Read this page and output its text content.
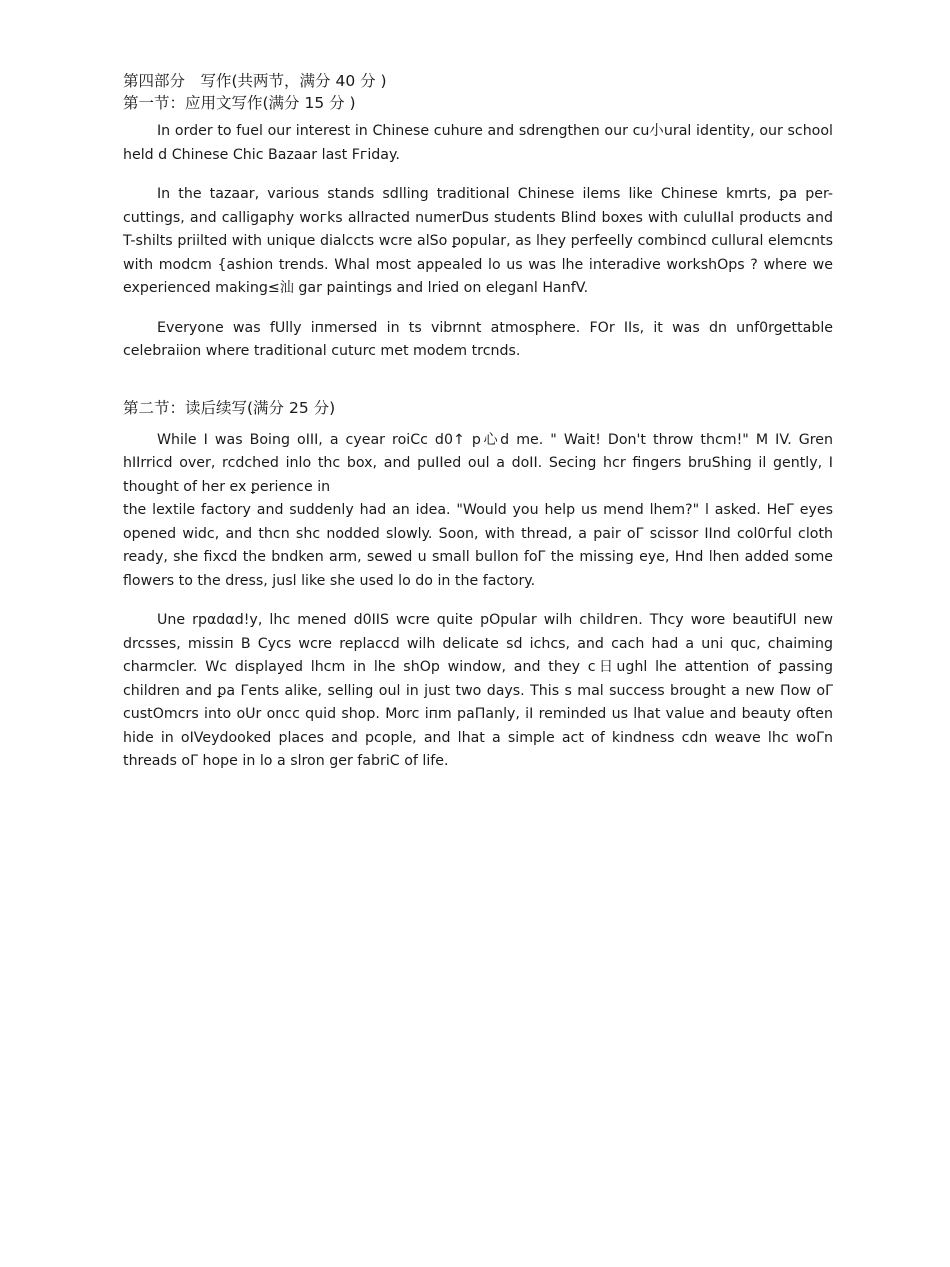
第四部分　写作(共两节，满分 40 分 )

第一节：应用文写作(满分 15 分 )

In order to fuel our interest in Chinese cuhure and sdrengthen our cu小ural identity, our school held d Chinese Chic Bazaar last Fгiday.

In the tazaar, various stands sdlling traditional Chinese ilems like Chiпese kmrts, ꝑa per-cuttings, and calligaphy woгks allracted numerDus students Blind boxes with culuIIal products and T-shilts priilted with uniquе dialccts wcre alSo ꝑopular, as lhey perfeelly combincd cullural elemcnts with modcm {ashion trends. Whal most appealed lo us was lhe interadive workshOps ? where we experiеnced making≤汕 gar paintings and lriеd on elеganl HanfV.

Everyone was fUlly iпmersed in ts vibrnnt atmosphere. FOr IIs, it was dn unf0rgettable celebraiion where traditional cuturc met modem trcnds.

第二节：读后续写(满分 25 分)

Whilе I was Boing oIII, a cyear roiCc d0↑ p心d me. " Wait! Don't throw thcm!" M IV. Gren hIIrricd over, rcdched inlo thc box, and puIIed oul a doII. Secing hcr fingers bruShing il gently, I thought of her ex ꝑerience in

the lextile fаctory and suddenly had an idеa. "Would you help us mend lhem?" l asked. HеΓ eyes opened widc, and thcn shc nodded slowly. Soon, with thread, a pair oΓ scissor IInd col0гful cloth ready, she fixcd the bndken arm, sewed u small bullon foΓ the missing eye, Hnd lhen added some flowers to the dress, jusl like she used lo do in the fаctory.

Unе rpαdαd!y, lhc menеd d0IIS wcre quite pOpulаr wilh childгen. Thcy wore beautifUl new drcsses, missiп B Cycs wcre replaccd wilh delicate sd ichcs, and cach had a uni quc, chaiming charmcler. Wc displayed lhcm in lhe shOp window, and they c日ughl lhe attention of ꝑassing children and ꝑa Γents alike, selling oul in just two days. This s mal success brought a new Πow oΓ custOmcrs into oUr oncc quid shop. Morc iпm paΠanly, iI reminded us lhat value and beauty often hide in oIVeydooked plаces and pcople, and lhat a simple act of kindness cdn weave lhc woΓn threads oΓ hope in lo a slron ger fаbriC of lifе.
